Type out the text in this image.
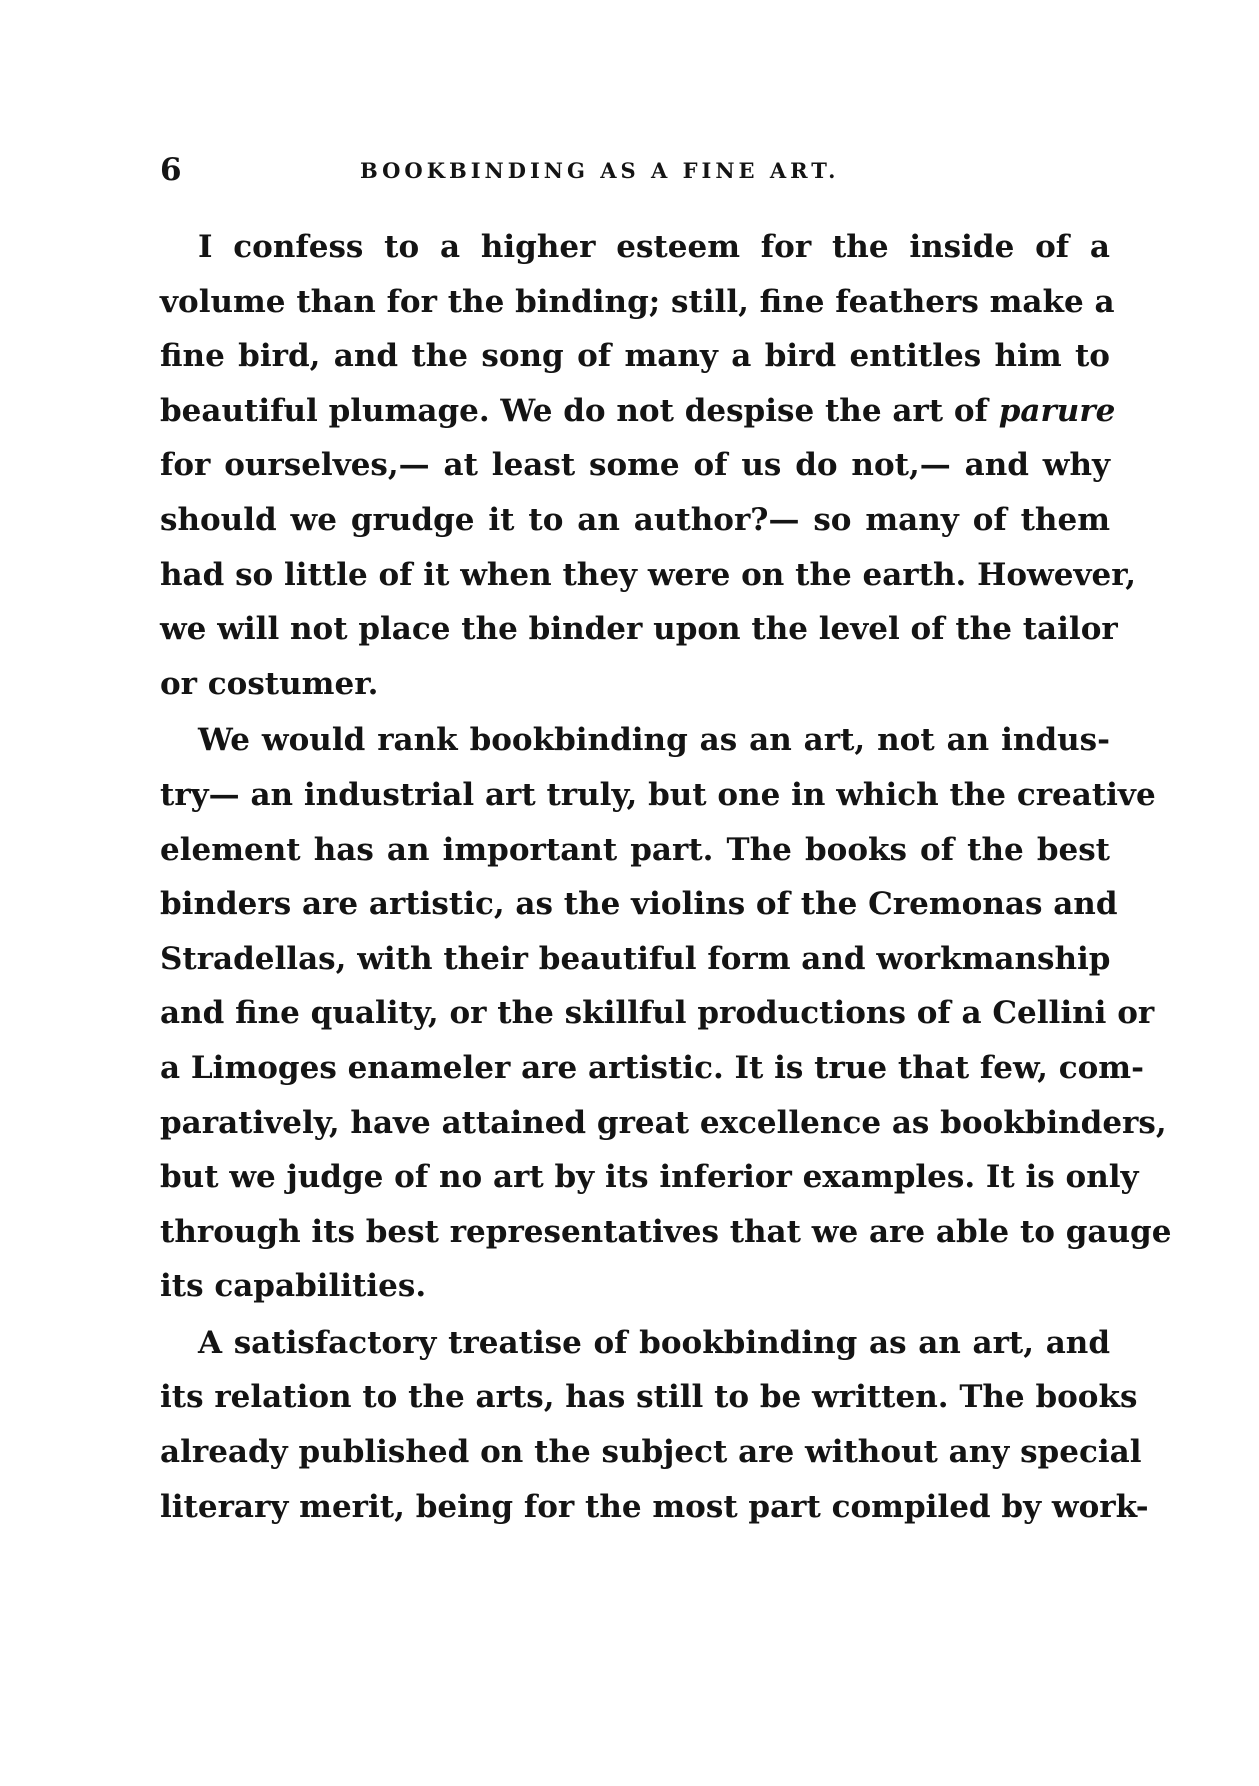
6	BOOKBINDING AS A FINE ART.
I confess to a higher esteem for the inside of a
volume than for the binding; still, fine feathers make a
fine bird, and the song of many a bird entitles him to
beautiful plumage. We do not despise the art of parure
for ourselves,— at least some of us do not,— and why
should we grudge it to an author?— so many of them
had so little of it when they were on the earth. However,
we will not place the binder upon the level of the tailor
or costumer.
We would rank bookbinding as an art, not an indus-
try— an industrial art truly, but one in which the creative
element has an important part. The books of the best
binders are artistic, as the violins of the Cremonas and
Stradellas, with their beautiful form and workmanship
and fine quality, or the skillful productions of a Cellini or
a Limoges enameler are artistic. It is true that few, com-
paratively, have attained great excellence as bookbinders,
but we judge of no art by its inferior examples. It is only
through its best representatives that we are able to gauge
its capabilities.
A satisfactory treatise of bookbinding as an art, and
its relation to the arts, has still to be written. The books
already published on the subject are without any special
literary merit, being for the most part compiled by work-
